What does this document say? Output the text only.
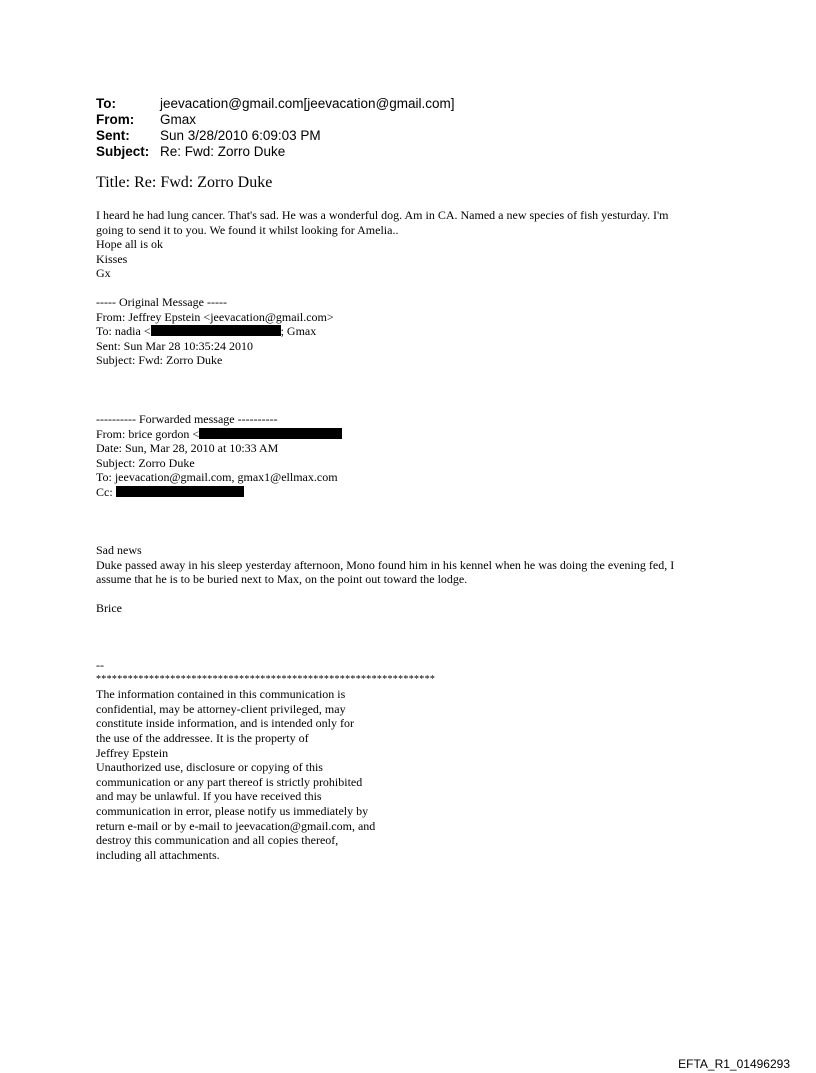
To:	jeevacation@gmail.com[jeevacation@gmail.com]
From:	Gmax
Sent:	Sun 3/28/2010 6:09:03 PM
Subject: Re: Fwd: Zorro Duke
Title: Re: Fwd: Zorro Duke
I heard he had lung cancer. That's sad. He was a wonderful dog. Am in CA. Named a new species of fish yesturday. I'm
going to send it to you. We found it whilst looking for Amelia..
Hope all is ok
Kisses
Gx
----- Original Message -----
From: Jeffrey Epstein <jeevacation@gmail.com>
To: nadia <	; Gmax
Sent: Sun Mar 28 10:35:24 2010
Subject: Fwd: Zorro Duke
---------- Forwarded message ----------
From: brice gordon <
Date: Sun, Mar 28, 2010 at 10:33 AM
Subject: Zorro Duke
To: jeevacation@gmail.com, gmax1@ellmax.com
Cc:
Sad news
Duke passed away in his sleep yesterday afternoon, Mono found him in his kennel when he was doing the evening fed, I
assume that he is to be buried next to Max, on the point out toward the lodge.
Brice
--
****************************************************************
The information contained in this communication is
confidential, may be attorney-client privileged, may
constitute inside information, and is intended only for
the use of the addressee. It is the property of
Jeffrey Epstein
Unauthorized use, disclosure or copying of this
communication or any part thereof is strictly prohibited
and may be unlawful. If you have received this
communication in error, please notify us immediately by
return e-mail or by e-mail to jeevacation@gmail.com, and
destroy this communication and all copies thereof,
including all attachments.
EFTA_R1_01496293
